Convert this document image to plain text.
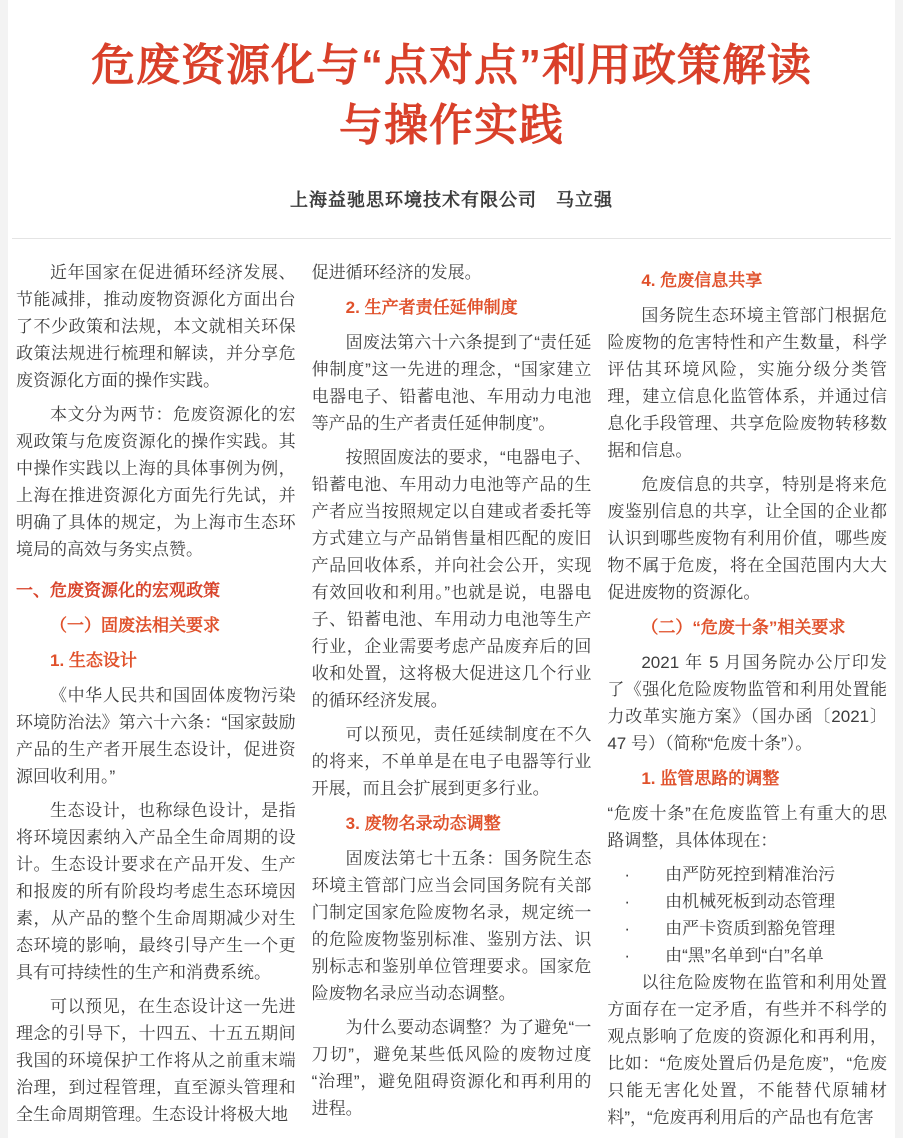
危废资源化与“点对点”利用政策解读
与操作实践
上海益驰思环境技术有限公司　马立强

近年国家在促进循环经济发展、节能减排，推动废物资源化方面出台了不少政策和法规，本文就相关环保政策法规进行梳理和解读，并分享危废资源化方面的操作实践。

本文分为两节：危废资源化的宏观政策与危废资源化的操作实践。其中操作实践以上海的具体事例为例，上海在推进资源化方面先行先试，并明确了具体的规定，为上海市生态环境局的高效与务实点赞。

一、危废资源化的宏观政策
（一）固废法相关要求
1. 生态设计

《中华人民共和国固体废物污染环境防治法》第六十六条：“国家鼓励产品的生产者开展生态设计，促进资源回收利用。”

生态设计，也称绿色设计，是指将环境因素纳入产品全生命周期的设计。生态设计要求在产品开发、生产和报废的所有阶段均考虑生态环境因素，从产品的整个生命周期减少对生态环境的影响，最终引导产生一个更具有可持续性的生产和消费系统。

可以预见，在生态设计这一先进理念的引导下，十四五、十五五期间我国的环境保护工作将从之前重末端治理，到过程管理，直至源头管理和全生命周期管理。生态设计将极大地

促进循环经济的发展。

2. 生产者责任延伸制度

固废法第六十六条提到了“责任延伸制度”这一先进的理念，“国家建立电器电子、铅蓄电池、车用动力电池等产品的生产者责任延伸制度”。

按照固废法的要求，“电器电子、铅蓄电池、车用动力电池等产品的生产者应当按照规定以自建或者委托等方式建立与产品销售量相匹配的废旧产品回收体系，并向社会公开，实现有效回收和利用。”也就是说，电器电子、铅蓄电池、车用动力电池等生产行业，企业需要考虑产品废弃后的回收和处置，这将极大促进这几个行业的循环经济发展。

可以预见，责任延续制度在不久的将来，不单单是在电子电器等行业开展，而且会扩展到更多行业。

3. 废物名录动态调整

固废法第七十五条：国务院生态环境主管部门应当会同国务院有关部门制定国家危险废物名录，规定统一的危险废物鉴别标准、鉴别方法、识别标志和鉴别单位管理要求。国家危险废物名录应当动态调整。

为什么要动态调整？为了避免“一刀切”，避免某些低风险的废物过度“治理”，避免阻碍资源化和再利用的进程。

4. 危废信息共享

国务院生态环境主管部门根据危险废物的危害特性和产生数量，科学评估其环境风险，实施分级分类管理，建立信息化监管体系，并通过信息化手段管理、共享危险废物转移数据和信息。

危废信息的共享，特别是将来危废鉴别信息的共享，让全国的企业都认识到哪些废物有利用价值，哪些废物不属于危废，将在全国范围内大大促进废物的资源化。

（二）“危废十条”相关要求

2021 年 5 月国务院办公厅印发了《强化危险废物监管和利用处置能力改革实施方案》（国办函〔2021〕47 号）（简称“危废十条”）。

1. 监管思路的调整

“危废十条”在危废监管上有重大的思路调整，具体体现在：

· 由严防死控到精准治污

· 由机械死板到动态管理

· 由严卡资质到豁免管理

· 由“黑”名单到“白”名单

以往危险废物在监管和利用处置方面存在一定矛盾，有些并不科学的观点影响了危废的资源化和再利用，比如：“危废处置后仍是危废”，“危废只能无害化处置，不能替代原辅材料”，“危废再利用后的产品也有危害
